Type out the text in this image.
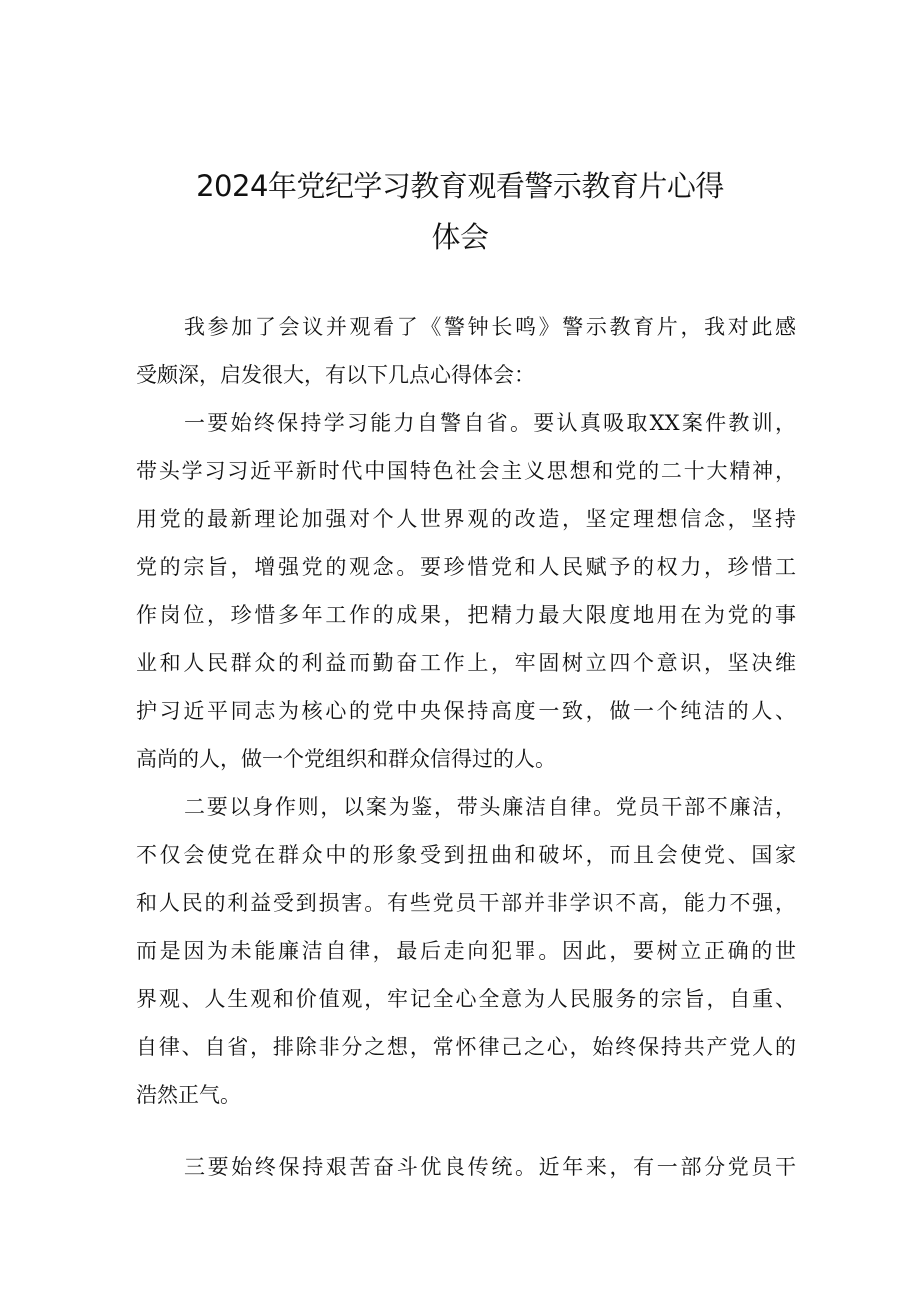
2024年党纪学习教育观看警示教育片心得
体会
我参加了会议并观看了《警钟长鸣》警示教育片，我对此感
受颇深，启发很大，有以下几点心得体会：
一要始终保持学习能力自警自省。要认真吸取XX案件教训，
带头学习习近平新时代中国特色社会主义思想和党的二十大精神，
用党的最新理论加强对个人世界观的改造，坚定理想信念，坚持
党的宗旨，增强党的观念。要珍惜党和人民赋予的权力，珍惜工
作岗位，珍惜多年工作的成果，把精力最大限度地用在为党的事
业和人民群众的利益而勤奋工作上，牢固树立四个意识，坚决维
护习近平同志为核心的党中央保持高度一致，做一个纯洁的人、
高尚的人，做一个党组织和群众信得过的人。
二要以身作则，以案为鉴，带头廉洁自律。党员干部不廉洁，
不仅会使党在群众中的形象受到扭曲和破坏，而且会使党、国家
和人民的利益受到损害。有些党员干部并非学识不高，能力不强，
而是因为未能廉洁自律，最后走向犯罪。因此，要树立正确的世
界观、人生观和价值观，牢记全心全意为人民服务的宗旨，自重、
自律、自省，排除非分之想，常怀律己之心，始终保持共产党人的
浩然正气。
三要始终保持艰苦奋斗优良传统。近年来，有一部分党员干
